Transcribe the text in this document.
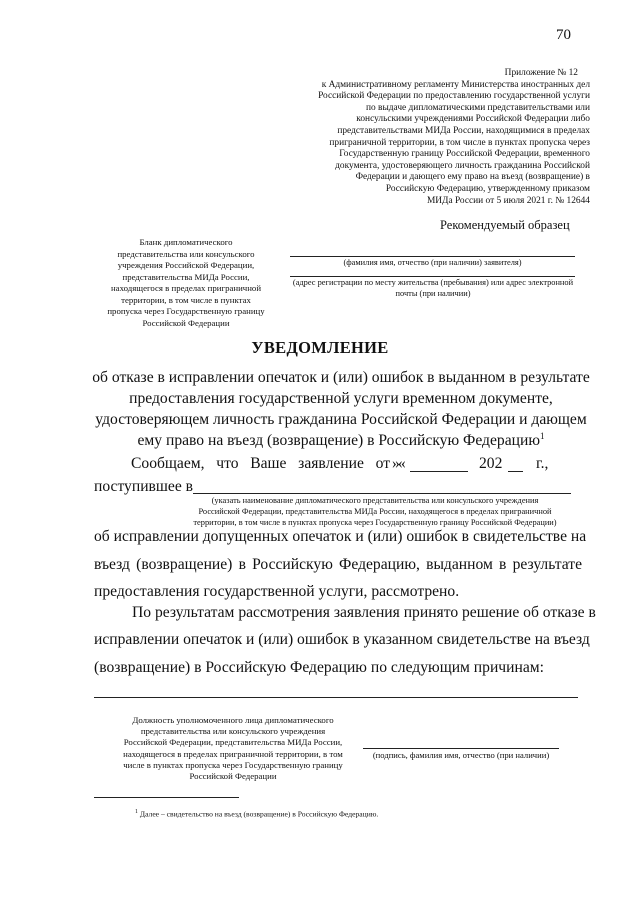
70
Приложение № 12
к Административному регламенту Министерства иностранных дел
Российской Федерации по предоставлению государственной услуги
по выдаче дипломатическими представительствами или
консульскими учреждениями Российской Федерации либо
представительствами МИДа России, находящимися в пределах
приграничной территории, в том числе в пунктах пропуска через
Государственную границу Российской Федерации, временного
документа, удостоверяющего личность гражданина Российской
Федерации и дающего ему право на въезд (возвращение) в
Российскую Федерацию, утвержденному приказом
МИДа России от 5 июля 2021 г. № 12644
Рекомендуемый образец
Бланк дипломатического
представительства или консульского
учреждения Российской Федерации,
представительства МИДа России,
находящегося в пределах приграничной
территории, в том числе в пунктах
пропуска через Государственную границу
Российской Федерации
(фамилия имя, отчество (при наличии) заявителя)
(адрес регистрации по месту жительства (пребывания) или адрес электронной
почты (при наличии)
УВЕДОМЛЕНИЕ
об отказе в исправлении опечаток и (или) ошибок в выданном в результате
предоставления государственной услуги временном документе,
удостоверяющем личность гражданина Российской Федерации и дающем
ему право на въезд (возвращение) в Российскую Федерацию$^1$
Сообщаем, что Ваше заявление от «
»	202 г.,
поступившее в
(указать наименование дипломатического представительства или консульского учреждения
Российской Федерации, представительства МИДа России, находящегося в пределах приграничной
территории, в том числе в пунктах пропуска через Государственную границу Российской Федерации)
об исправлении допущенных опечаток и (или) ошибок в свидетельстве на
въезд (возвращение) в Российскую Федерацию, выданном в результате
предоставления государственной услуги, рассмотрено.
По результатам рассмотрения заявления принято решение об отказе в
исправлении опечаток и (или) ошибок в указанном свидетельстве на въезд
(возвращение) в Российскую Федерацию по следующим причинам:
Должность уполномоченного лица дипломатического
представительства или консульского учреждения
Российской Федерации, представительства МИДа России,
находящегося в пределах приграничной территории, в том
числе в пунктах пропуска через Государственную границу
Российской Федерации
(подпись, фамилия имя, отчество (при наличии)
$^1$ Далее – свидетельство на въезд (возвращение) в Российскую Федерацию.
